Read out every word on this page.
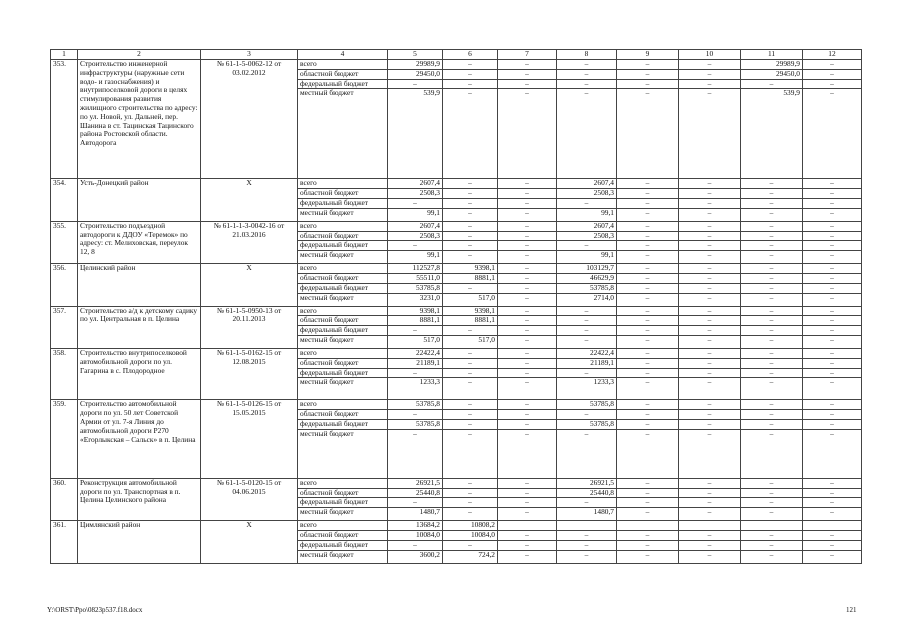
1	2	3	4	5	6	7	8	9	10	11	12
353.	Строительство инженерной инфраструктуры (наружные сети водо- и газоснабжения) и внутрипоселковой дороги в целях стимулирования развития жилищного строительства по адресу: по ул. Новой, ул. Дальней, пер. Шанина в ст. Тацинская Тацинского района Ростовской области. Автодорога	№ 61-1-5-0062-12 от 03.02.2012	всего	29989,9	–	–	–	–	–	29989,9	–
			областной бюджет	29450,0	–	–	–	–	–	29450,0	–
			федеральный бюджет	–	–	–	–	–	–	–	–
			местный бюджет	539,9	–	–	–	–	–	539,9	–
354.	Усть-Донецкий район	Х	всего	2607,4	–	–	2607,4	–	–	–	–
			областной бюджет	2508,3	–	–	2508,3	–	–	–	–
			федеральный бюджет	–	–	–	–	–	–	–	–
			местный бюджет	99,1	–	–	99,1	–	–	–	–
355.	Строительство подъездной автодороги к ДДОУ «Теремок» по адресу: ст. Мелиховская, переулок 12, 8	№ 61-1-1-3-0042-16 от 21.03.2016	всего	2607,4	–	–	2607,4	–	–	–	–
			областной бюджет	2508,3	–	–	2508,3	–	–	–	–
			федеральный бюджет	–	–	–	–	–	–	–	–
			местный бюджет	99,1	–	–	99,1	–	–	–	–
356.	Целинский район	Х	всего	112527,8	9398,1	–	103129,7	–	–	–	–
			областной бюджет	55511,0	8881,1	–	46629,9	–	–	–	–
			федеральный бюджет	53785,8	–	–	53785,8	–	–	–	–
			местный бюджет	3231,0	517,0	–	2714,0	–	–	–	–
357.	Строительство а/д к детскому садику по ул. Центральная в п. Целина	№ 61-1-5-0950-13 от 20.11.2013	всего	9398,1	9398,1	–	–	–	–	–	–
			областной бюджет	8881,1	8881,1	–	–	–	–	–	–
			федеральный бюджет	–	–	–	–	–	–	–	–
			местный бюджет	517,0	517,0	–	–	–	–	–	–
358.	Строительство внутрипоселковой автомобильной дороги по ул. Гагарина в с. Плодородное	№ 61-1-5-0162-15 от 12.08.2015	всего	22422,4	–	–	22422,4	–	–	–	–
			областной бюджет	21189,1	–	–	21189,1	–	–	–	–
			федеральный бюджет	–	–	–	–	–	–	–	–
			местный бюджет	1233,3	–	–	1233,3	–	–	–	–
359.	Строительство автомобильной дороги по ул. 50 лет Советской Армии от ул. 7-я Линия до автомобильной дороги Р270 «Егорлыкская – Сальск» в п. Целина	№ 61-1-5-0126-15 от 15.05.2015	всего	53785,8	–	–	53785,8	–	–	–	–
			областной бюджет	–	–	–	–	–	–	–	–
			федеральный бюджет	53785,8	–	–	53785,8	–	–	–	–
			местный бюджет	–	–	–	–	–	–	–	–
360.	Реконструкция автомобильной дороги по ул. Транспортная в п. Целина Целинского района	№ 61-1-5-0120-15 от 04.06.2015	всего	26921,5	–	–	26921,5	–	–	–	–
			областной бюджет	25440,8	–	–	25440,8	–	–	–	–
			федеральный бюджет	–	–	–	–	–	–	–	–
			местный бюджет	1480,7	–	–	1480,7	–	–	–	–
361.	Цимлянский район	Х	всего	13684,2	10808,2						
			областной бюджет	10084,0	10084,0	–	–	–	–	–	–
			федеральный бюджет	–	–	–	–	–	–	–	–
			местный бюджет	3600,2	724,2	–	–	–	–	–	–
Y:\ORST\Ppo\0823p537.f18.docx	121
